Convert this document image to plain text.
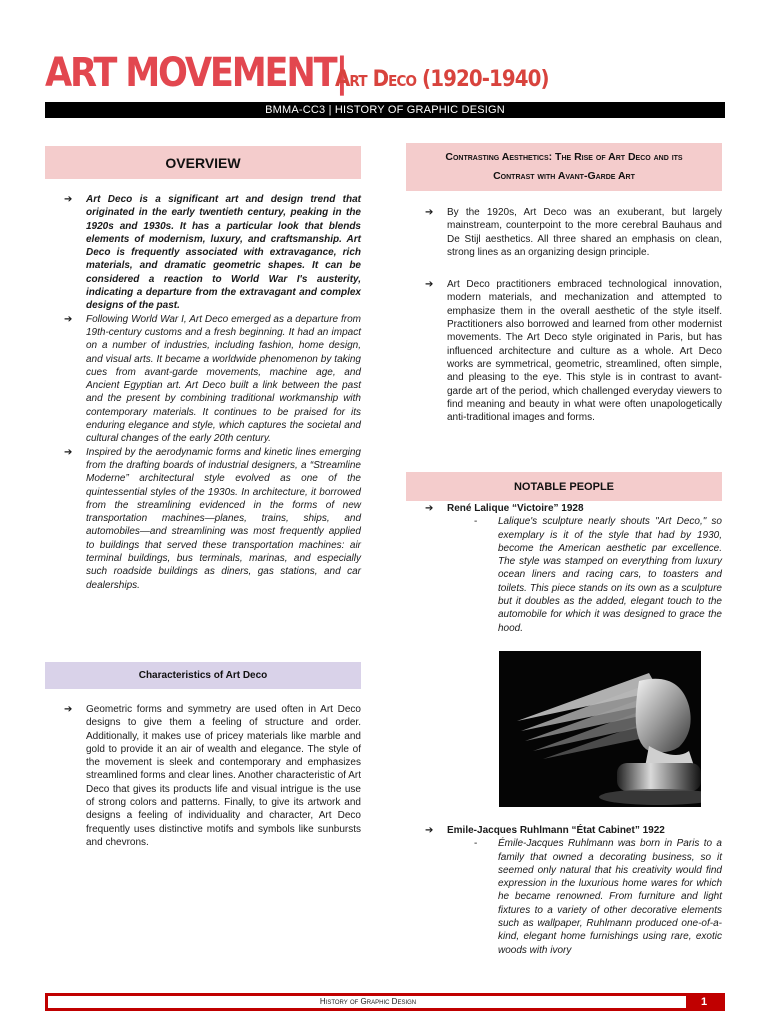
ART MOVEMENT|
Art Deco (1920-1940)
BMMA-CC3 | HISTORY OF GRAPHIC DESIGN
OVERVIEW
➔ Art Deco is a significant art and design trend that originated in the early twentieth century, peaking in the 1920s and 1930s. It has a particular look that blends elements of modernism, luxury, and craftsmanship. Art Deco is frequently associated with extravagance, rich materials, and dramatic geometric shapes. It can be considered a reaction to World War I's austerity, indicating a departure from the extravagant and complex designs of the past.
➔ Following World War I, Art Deco emerged as a departure from 19th-century customs and a fresh beginning. It had an impact on a number of industries, including fashion, home design, and visual arts. It became a worldwide phenomenon by taking cues from avant-garde movements, machine age, and Ancient Egyptian art. Art Deco built a link between the past and the present by combining traditional workmanship with contemporary materials. It continues to be praised for its enduring elegance and style, which captures the societal and cultural changes of the early 20th century.
➔ Inspired by the aerodynamic forms and kinetic lines emerging from the drafting boards of industrial designers, a “Streamline Moderne” architectural style evolved as one of the quintessential styles of the 1930s. In architecture, it borrowed from the streamlining evidenced in the forms of new transportation machines—planes, trains, ships, and automobiles—and streamlining was most frequently applied to buildings that served these transportation machines: air terminal buildings, bus terminals, marinas, and especially such roadside buildings as diners, gas stations, and car dealerships.
Characteristics of Art Deco
➔ Geometric forms and symmetry are used often in Art Deco designs to give them a feeling of structure and order. Additionally, it makes use of pricey materials like marble and gold to provide it an air of wealth and elegance. The style of the movement is sleek and contemporary and emphasizes streamlined forms and clear lines. Another characteristic of Art Deco that gives its products life and visual intrigue is the use of strong colors and patterns. Finally, to give its artwork and designs a feeling of individuality and character, Art Deco frequently uses distinctive motifs and symbols like sunbursts and chevrons.
Contrasting Aesthetics: The Rise of Art Deco and its
Contrast with Avant-Garde Art
➔ By the 1920s, Art Deco was an exuberant, but largely mainstream, counterpoint to the more cerebral Bauhaus and De Stijl aesthetics. All three shared an emphasis on clean, strong lines as an organizing design principle.
➔ Art Deco practitioners embraced technological innovation, modern materials, and mechanization and attempted to emphasize them in the overall aesthetic of the style itself. Practitioners also borrowed and learned from other modernist movements. The Art Deco style originated in Paris, but has influenced architecture and culture as a whole. Art Deco works are symmetrical, geometric, streamlined, often simple, and pleasing to the eye. This style is in contrast to avant-garde art of the period, which challenged everyday viewers to find meaning and beauty in what were often unapologetically anti-traditional images and forms.
NOTABLE PEOPLE
➔ René Lalique “Victoire” 1928
- Lalique's sculpture nearly shouts "Art Deco," so exemplary is it of the style that had by 1930, become the American aesthetic par excellence. The style was stamped on everything from luxury ocean liners and racing cars, to toasters and toilets. This piece stands on its own as a sculpture but it doubles as the added, elegant touch to the automobile for which it was designed to grace the hood.
➔ Emile-Jacques Ruhlmann “État Cabinet” 1922
- Émile-Jacques Ruhlmann was born in Paris to a family that owned a decorating business, so it seemed only natural that his creativity would find expression in the luxurious home wares for which he became renowned. From furniture and light fixtures to a variety of other decorative elements such as wallpaper, Ruhlmann produced one-of-a-kind, elegant home furnishings using rare, exotic woods with ivory
History of Graphic Design	1
